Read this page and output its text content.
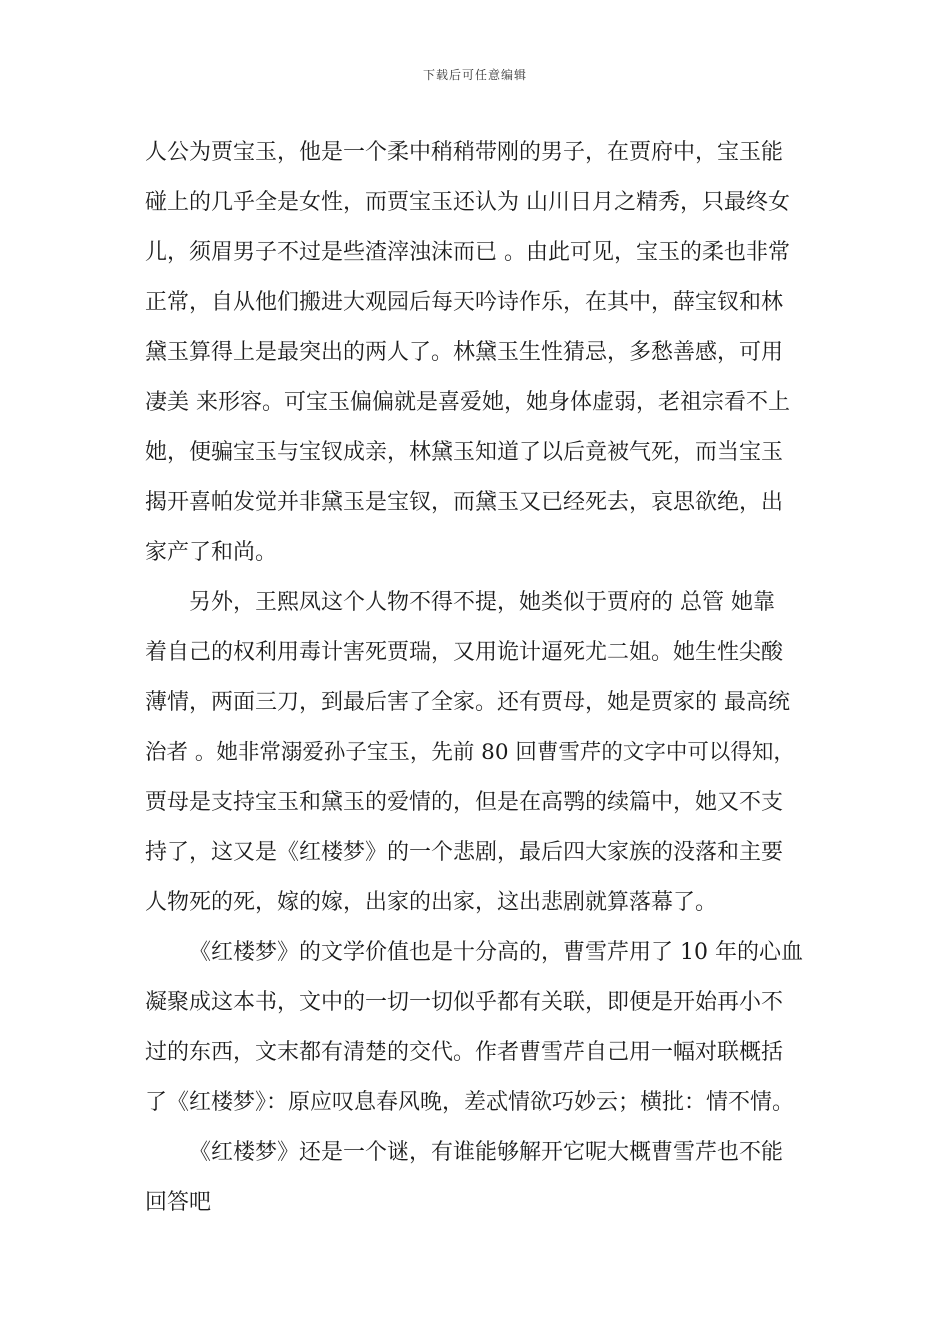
下载后可任意编辑
人公为贾宝玉，他是一个柔中稍稍带刚的男子，在贾府中，宝玉能
碰上的几乎全是女性，而贾宝玉还认为 山川日月之精秀，只最终女
儿，须眉男子不过是些渣滓浊沫而已 。由此可见，宝玉的柔也非常
正常，自从他们搬进大观园后每天吟诗作乐，在其中，薛宝钗和林
黛玉算得上是最突出的两人了。林黛玉生性猜忌，多愁善感，可用
凄美 来形容。可宝玉偏偏就是喜爱她，她身体虚弱，老祖宗看不上
她，便骗宝玉与宝钗成亲，林黛玉知道了以后竟被气死，而当宝玉
揭开喜帕发觉并非黛玉是宝钗，而黛玉又已经死去，哀思欲绝，出
家产了和尚。
另外，王熙凤这个人物不得不提，她类似于贾府的 总管 她靠
着自己的权利用毒计害死贾瑞，又用诡计逼死尤二姐。她生性尖酸
薄情，两面三刀，到最后害了全家。还有贾母，她是贾家的 最高统
治者 。她非常溺爱孙子宝玉，先前 80 回曹雪芹的文字中可以得知，
贾母是支持宝玉和黛玉的爱情的，但是在高鹗的续篇中，她又不支
持了，这又是《红楼梦》的一个悲剧，最后四大家族的没落和主要
人物死的死，嫁的嫁，出家的出家，这出悲剧就算落幕了。
《红楼梦》的文学价值也是十分高的，曹雪芹用了 10 年的心血
凝聚成这本书，文中的一切一切似乎都有关联，即便是开始再小不
过的东西，文末都有清楚的交代。作者曹雪芹自己用一幅对联概括
了《红楼梦》：原应叹息春风晚，差忒情欲巧妙云；横批：情不情。
《红楼梦》还是一个谜，有谁能够解开它呢大概曹雪芹也不能
回答吧
